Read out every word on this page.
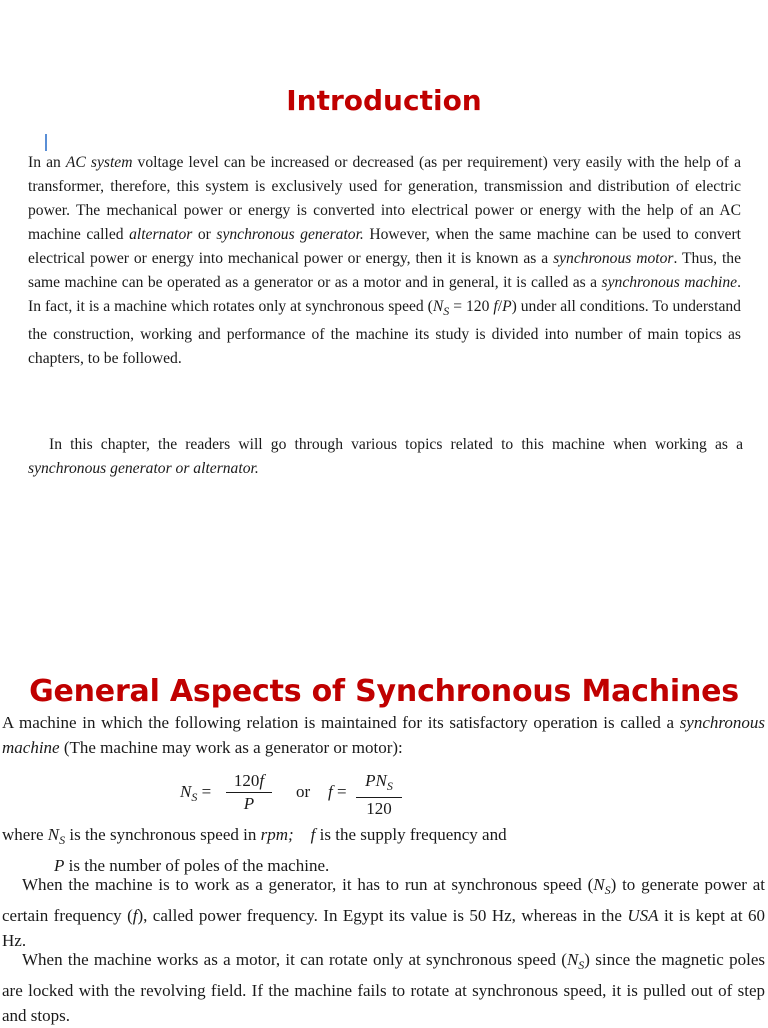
Introduction

In an AC system voltage level can be increased or decreased (as per requirement) very easily with the help of a transformer, therefore, this system is exclusively used for generation, transmission and distribution of electric power. The mechanical power or energy is converted into electrical power or energy with the help of an AC machine called alternator or synchronous generator. However, when the same machine can be used to convert electrical power or energy into mechanical power or energy, then it is known as a synchronous motor. Thus, the same machine can be operated as a generator or as a motor and in general, it is called as a synchronous machine. In fact, it is a machine which rotates only at synchronous speed ($N_S = 120$ f/P) under all conditions. To understand the construction, working and performance of the machine its study is divided into number of main topics as chapters, to be followed.

In this chapter, the readers will go through various topics related to this machine when working as a synchronous generator or alternator.

General Aspects of Synchronous Machines

A machine in which the following relation is maintained for its satisfactory operation is called a synchronous machine (The machine may work as a generator or motor):

$N_S = \frac{120f}{P}$ or f =
$PN_S$
120

where $N_S$ is the synchronous speed in rpm; f is the supply frequency and
P is the number of poles of the machine.

When the machine is to work as a generator, it has to run at synchronous speed $(N_S)$ to generate power at certain frequency (f), called power frequency. In Egypt its value is 50 Hz, whereas in the USA it is kept at 60 Hz.

When the machine works as a motor, it can rotate only at synchronous speed $(N_S)$ since the magnetic poles are locked with the revolving field. If the machine fails to rotate at synchronous speed, it is pulled out of step and stops.
